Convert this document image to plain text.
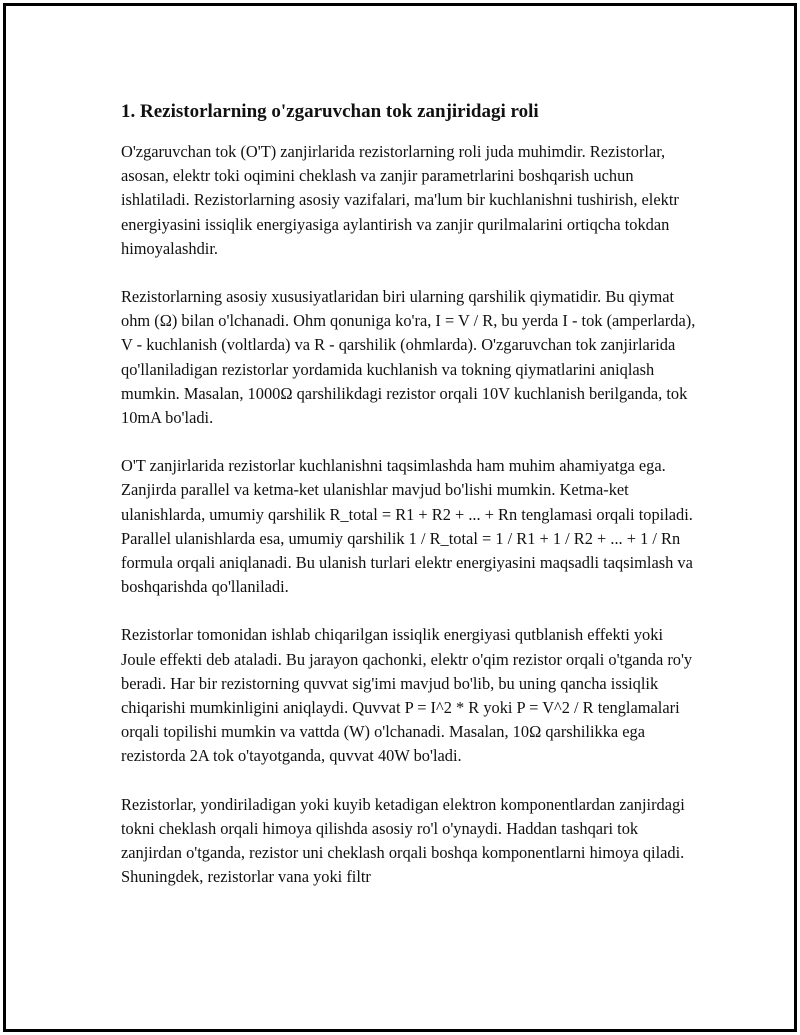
1. Rezistorlarning o'zgaruvchan tok zanjiridagi roli

O'zgaruvchan tok (O'T) zanjirlarida rezistorlarning roli juda muhimdir. Rezistorlar, asosan, elektr toki oqimini cheklash va zanjir parametrlarini boshqarish uchun ishlatiladi. Rezistorlarning asosiy vazifalari, ma'lum bir kuchlanishni tushirish, elektr energiyasini issiqlik energiyasiga aylantirish va zanjir qurilmalarini ortiqcha tokdan himoyalashdir.

Rezistorlarning asosiy xususiyatlaridan biri ularning qarshilik qiymatidir. Bu qiymat ohm (Ω) bilan o'lchanadi. Ohm qonuniga ko'ra, I = V / R, bu yerda I - tok (amperlarda), V - kuchlanish (voltlarda) va R - qarshilik (ohmlarda). O'zgaruvchan tok zanjirlarida qo'llaniladigan rezistorlar yordamida kuchlanish va tokning qiymatlarini aniqlash mumkin. Masalan, 1000Ω qarshilikdagi rezistor orqali 10V kuchlanish berilganda, tok 10mA bo'ladi.

O'T zanjirlarida rezistorlar kuchlanishni taqsimlashda ham muhim ahamiyatga ega. Zanjirda parallel va ketma-ket ulanishlar mavjud bo'lishi mumkin. Ketma-ket ulanishlarda, umumiy qarshilik R_total = R1 + R2 + ... + Rn tenglamasi orqali topiladi. Parallel ulanishlarda esa, umumiy qarshilik 1 / R_total = 1 / R1 + 1 / R2 + ... + 1 / Rn formula orqali aniqlanadi. Bu ulanish turlari elektr energiyasini maqsadli taqsimlash va boshqarishda qo'llaniladi.

Rezistorlar tomonidan ishlab chiqarilgan issiqlik energiyasi qutblanish effekti yoki Joule effekti deb ataladi. Bu jarayon qachonki, elektr o'qim rezistor orqali o'tganda ro'y beradi. Har bir rezistorning quvvat sig'imi mavjud bo'lib, bu uning qancha issiqlik chiqarishi mumkinligini aniqlaydi. Quvvat P = I^2 * R yoki P = V^2 / R tenglamalari orqali topilishi mumkin va vattda (W) o'lchanadi. Masalan, 10Ω qarshilikka ega rezistorda 2A tok o'tayotganda, quvvat 40W bo'ladi.

Rezistorlar, yondiriladigan yoki kuyib ketadigan elektron komponentlardan zanjirdagi tokni cheklash orqali himoya qilishda asosiy ro'l o'ynaydi. Haddan tashqari tok zanjirdan o'tganda, rezistor uni cheklash orqali boshqa komponentlarni himoya qiladi. Shuningdek, rezistorlar vana yoki filtr
